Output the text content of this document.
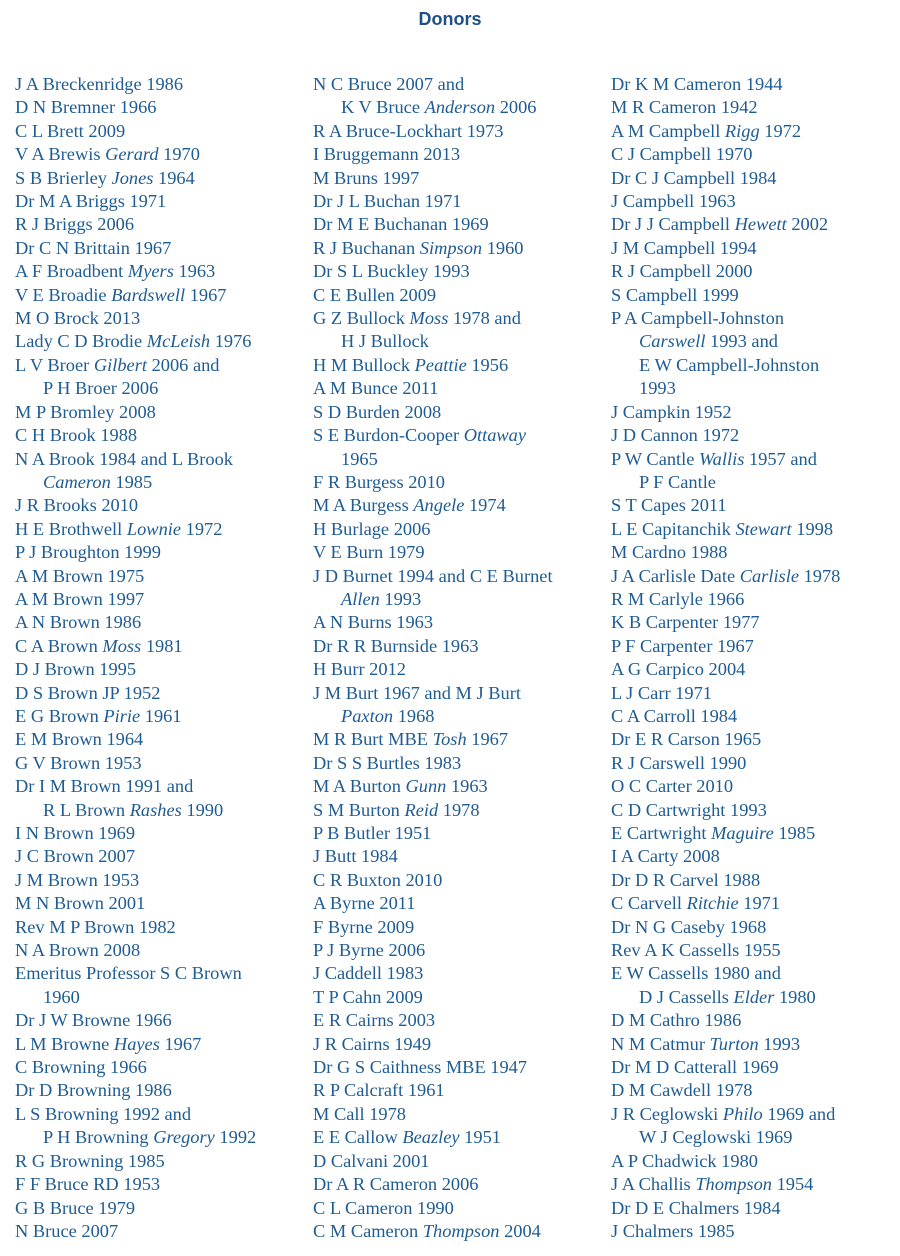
Donors
J A Breckenridge 1986
D N Bremner 1966
C L Brett 2009
V A Brewis Gerard 1970
S B Brierley Jones 1964
Dr M A Briggs 1971
R J Briggs 2006
Dr C N Brittain 1967
A F Broadbent Myers 1963
V E Broadie Bardswell 1967
M O Brock 2013
Lady C D Brodie McLeish 1976
L V Broer Gilbert 2006 and
P H Broer 2006
M P Bromley 2008
C H Brook 1988
N A Brook 1984 and L Brook
Cameron 1985
J R Brooks 2010
H E Brothwell Lownie 1972
P J Broughton 1999
A M Brown 1975
A M Brown 1997
A N Brown 1986
C A Brown Moss 1981
D J Brown 1995
D S Brown JP 1952
E G Brown Pirie 1961
E M Brown 1964
G V Brown 1953
Dr I M Brown 1991 and
R L Brown Rashes 1990
I N Brown 1969
J C Brown 2007
J M Brown 1953
M N Brown 2001
Rev M P Brown 1982
N A Brown 2008
Emeritus Professor S C Brown
1960
Dr J W Browne 1966
L M Browne Hayes 1967
C Browning 1966
Dr D Browning 1986
L S Browning 1992 and
P H Browning Gregory 1992
R G Browning 1985
F F Bruce RD 1953
G B Bruce 1979
N Bruce 2007
N C Bruce 2007 and
K V Bruce Anderson 2006
R A Bruce-Lockhart 1973
I Bruggemann 2013
M Bruns 1997
Dr J L Buchan 1971
Dr M E Buchanan 1969
R J Buchanan Simpson 1960
Dr S L Buckley 1993
C E Bullen 2009
G Z Bullock Moss 1978 and
H J Bullock
H M Bullock Peattie 1956
A M Bunce 2011
S D Burden 2008
S E Burdon-Cooper Ottaway
1965
F R Burgess 2010
M A Burgess Angele 1974
H Burlage 2006
V E Burn 1979
J D Burnet 1994 and C E Burnet
Allen 1993
A N Burns 1963
Dr R R Burnside 1963
H Burr 2012
J M Burt 1967 and M J Burt
Paxton 1968
M R Burt MBE Tosh 1967
Dr S S Burtles 1983
M A Burton Gunn 1963
S M Burton Reid 1978
P B Butler 1951
J Butt 1984
C R Buxton 2010
A Byrne 2011
F Byrne 2009
P J Byrne 2006
J Caddell 1983
T P Cahn 2009
E R Cairns 2003
J R Cairns 1949
Dr G S Caithness MBE 1947
R P Calcraft 1961
M Call 1978
E E Callow Beazley 1951
D Calvani 2001
Dr A R Cameron 2006
C L Cameron 1990
C M Cameron Thompson 2004
Dr K M Cameron 1944
M R Cameron 1942
A M Campbell Rigg 1972
C J Campbell 1970
Dr C J Campbell 1984
J Campbell 1963
Dr J J Campbell Hewett 2002
J M Campbell 1994
R J Campbell 2000
S Campbell 1999
P A Campbell-Johnston
Carswell 1993 and
E W Campbell-Johnston
1993
J Campkin 1952
J D Cannon 1972
P W Cantle Wallis 1957 and
P F Cantle
S T Capes 2011
L E Capitanchik Stewart 1998
M Cardno 1988
J A Carlisle Date Carlisle 1978
R M Carlyle 1966
K B Carpenter 1977
P F Carpenter 1967
A G Carpico 2004
L J Carr 1971
C A Carroll 1984
Dr E R Carson 1965
R J Carswell 1990
O C Carter 2010
C D Cartwright 1993
E Cartwright Maguire 1985
I A Carty 2008
Dr D R Carvel 1988
C Carvell Ritchie 1971
Dr N G Caseby 1968
Rev A K Cassells 1955
E W Cassells 1980 and
D J Cassells Elder 1980
D M Cathro 1986
N M Catmur Turton 1993
Dr M D Catterall 1969
D M Cawdell 1978
J R Ceglowski Philo 1969 and
W J Ceglowski 1969
A P Chadwick 1980
J A Challis Thompson 1954
Dr D E Chalmers 1984
J Chalmers 1985
